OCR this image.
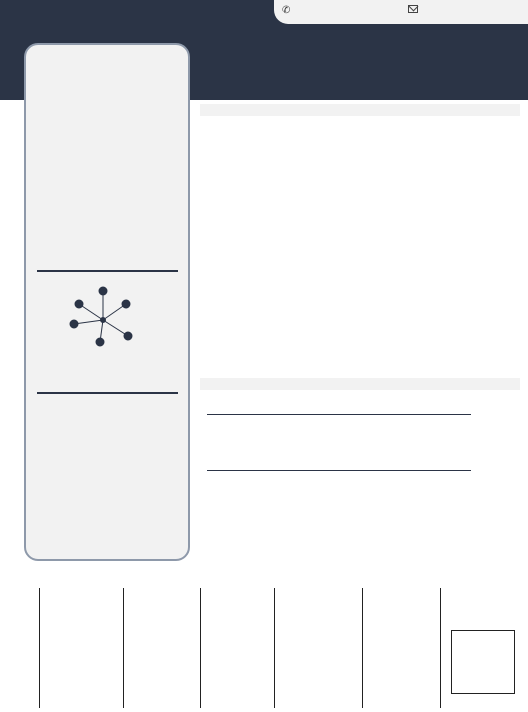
✆
